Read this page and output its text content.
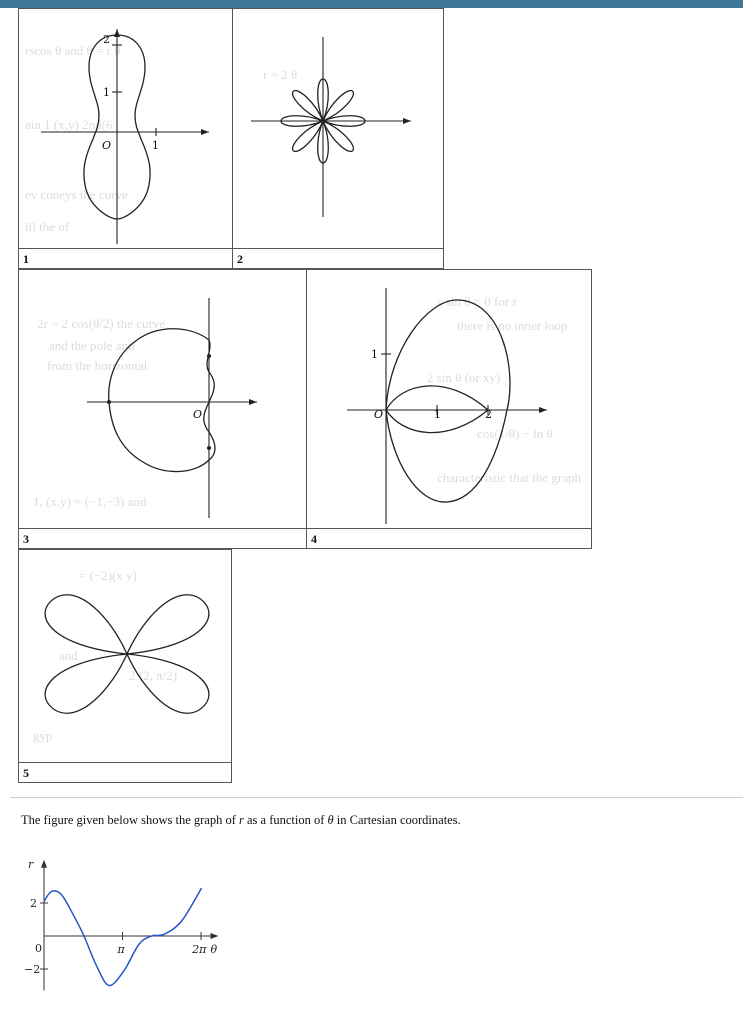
rscos θ and θ = r θ
ain 1 (x,y) 2nd(6
ev coneys the curve
ill the of
2
1
O	1
1
r = 2 θ
2
2r = 2 cos(θ/2) the curve
and the pole and
from the horizontal
1, (x,y) = (−1,−3) and
O
3
ε sin θ = 0 for r
there is no inner loop
2 sin θ (or xy)
cos(1/θ) − ln θ
characteristic that the graph
1
O	1	2
4
= (−2)(x y)
and
2 (2, π/2)
gyp
5
The figure given below shows the graph of r as a function of θ in Cartesian coordinates.
2
0
−2
π	2π θ
r
